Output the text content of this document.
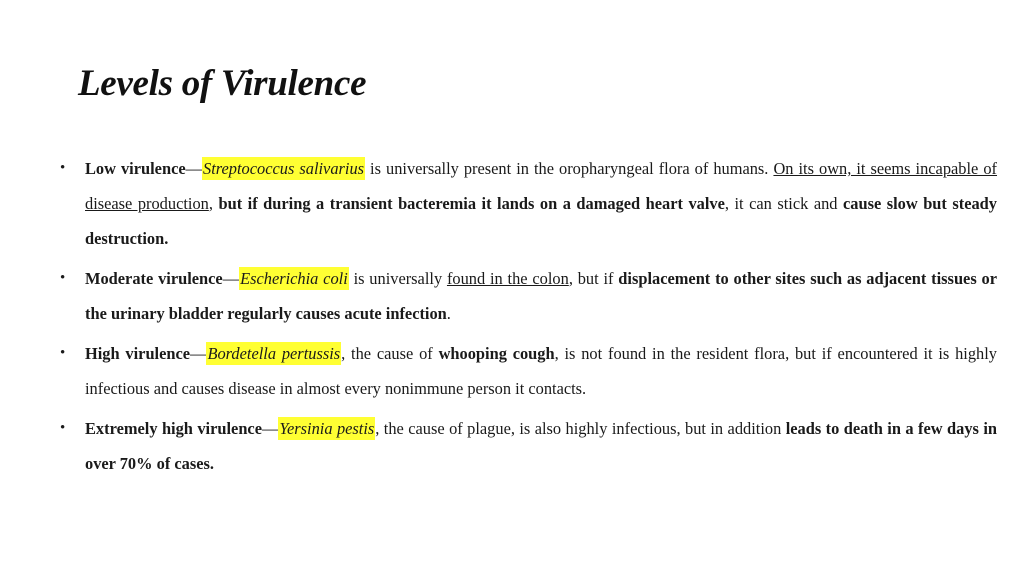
Levels of Virulence
• Low virulence—Streptococcus salivarius is universally present in the oropharyngeal flora of humans. On its own, it seems incapable of disease production, but if during a transient bacteremia it lands on a damaged heart valve, it can stick and cause slow but steady destruction.
• Moderate virulence—Escherichia coli is universally found in the colon, but if displacement to other sites such as adjacent tissues or the urinary bladder regularly causes acute infection.
• High virulence—Bordetella pertussis, the cause of whooping cough, is not found in the resident flora, but if encountered it is highly infectious and causes disease in almost every nonimmune person it contacts.
• Extremely high virulence—Yersinia pestis, the cause of plague, is also highly infectious, but in addition leads to death in a few days in over 70% of cases.
